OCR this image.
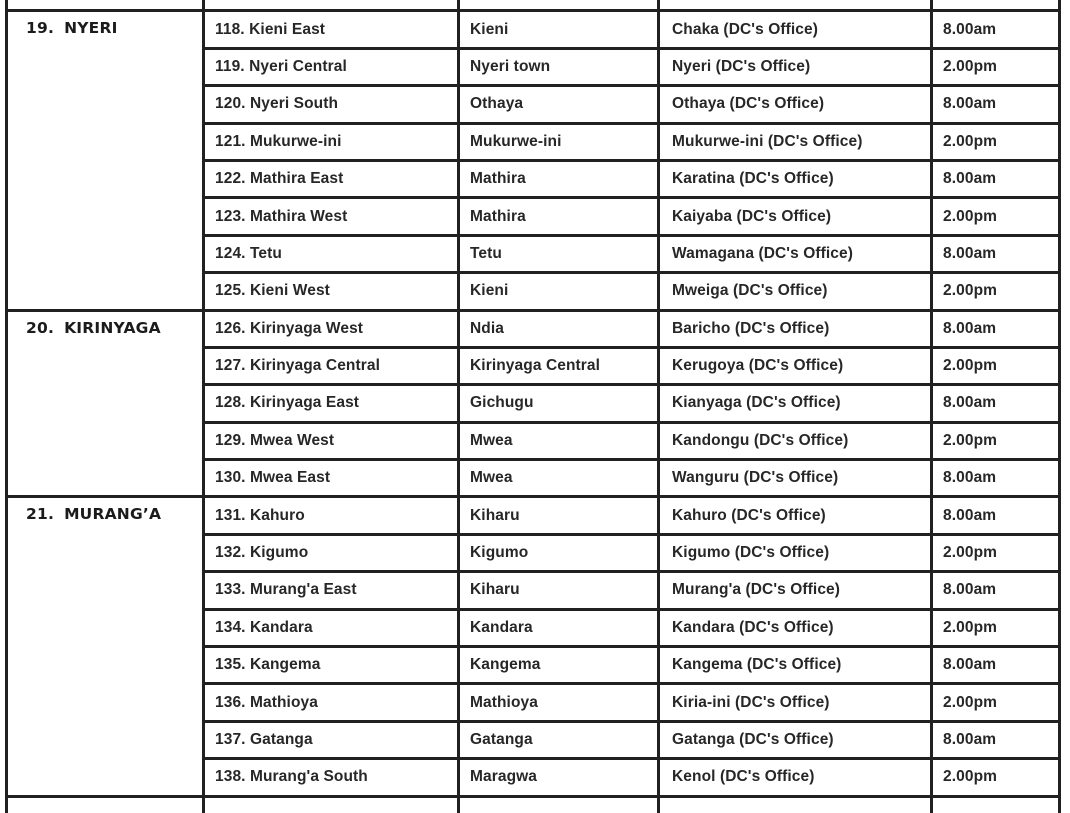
19. NYERI	118. Kieni East	Kieni	Chaka (DC's Office)	8.00am
	119. Nyeri Central	Nyeri town	Nyeri (DC's Office)	2.00pm
	120. Nyeri South	Othaya	Othaya (DC's Office)	8.00am
	121. Mukurwe-ini	Mukurwe-ini	Mukurwe-ini (DC's Office)	2.00pm
	122. Mathira East	Mathira	Karatina (DC's Office)	8.00am
	123. Mathira West	Mathira	Kaiyaba (DC's Office)	2.00pm
	124. Tetu	Tetu	Wamagana (DC's Office)	8.00am
	125. Kieni West	Kieni	Mweiga (DC's Office)	2.00pm
20. KIRINYAGA	126. Kirinyaga West	Ndia	Baricho (DC's Office)	8.00am
	127. Kirinyaga Central	Kirinyaga Central	Kerugoya (DC's Office)	2.00pm
	128. Kirinyaga East	Gichugu	Kianyaga (DC's Office)	8.00am
	129. Mwea West	Mwea	Kandongu (DC's Office)	2.00pm
	130. Mwea East	Mwea	Wanguru (DC's Office)	8.00am
21. MURANG’A	131. Kahuro	Kiharu	Kahuro (DC's Office)	8.00am
	132. Kigumo	Kigumo	Kigumo (DC's Office)	2.00pm
	133. Murang'a East	Kiharu	Murang'a (DC's Office)	8.00am
	134. Kandara	Kandara	Kandara (DC's Office)	2.00pm
	135. Kangema	Kangema	Kangema (DC's Office)	8.00am
	136. Mathioya	Mathioya	Kiria-ini (DC's Office)	2.00pm
	137. Gatanga	Gatanga	Gatanga (DC's Office)	8.00am
	138. Murang'a South	Maragwa	Kenol (DC's Office)	2.00pm
